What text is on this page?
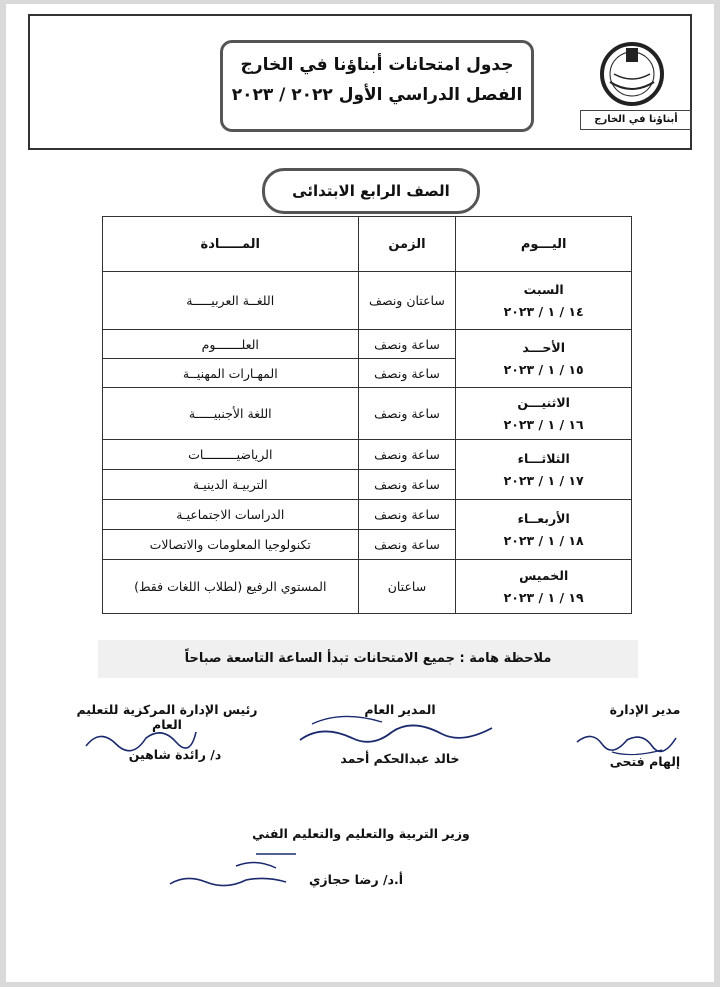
جدول امتحانات أبناؤنا في الخارج
الفصل الدراسي الأول ٢٠٢٢ / ٢٠٢٣
أبناؤنا في الخارج
الصف الرابع الابتدائى
اليـــوم	الزمن	المـــــادة
السبت
١٤ / ١ / ٢٠٢٣	ساعتان ونصف	اللغــة العربيـــــة
الأحـــد
١٥ / ١ / ٢٠٢٣	ساعة ونصف	العلـــــــوم
	ساعة ونصف	المهـارات المهنيــة
الاثنيـــن
١٦ / ١ / ٢٠٢٣	ساعة ونصف	اللغة الأجنبيـــــة
الثلاثـــاء
١٧ / ١ / ٢٠٢٣	ساعة ونصف	الرياضيـــــــــات
	ساعة ونصف	التربيـة الدينيـة
الأربعــاء
١٨ / ١ / ٢٠٢٣	ساعة ونصف	الدراسات الاجتماعيـة
	ساعة ونصف	تكنولوجيا المعلومات والاتصالات
الخميس
١٩ / ١ / ٢٠٢٣	ساعتان	المستوي الرفيع (لطلاب اللغات فقط)
ملاحظة هامة : جميع الامتحانات تبدأ الساعة التاسعة صباحاً
مدير الإدارة
إلهام فتحى
المدير العام
خالد عبدالحكم أحمد
رئيس الإدارة المركزية للتعليم العام
د/ رائدة شاهين
وزير التربية والتعليم والتعليم الفني
أ.د/ رضا حجازي
